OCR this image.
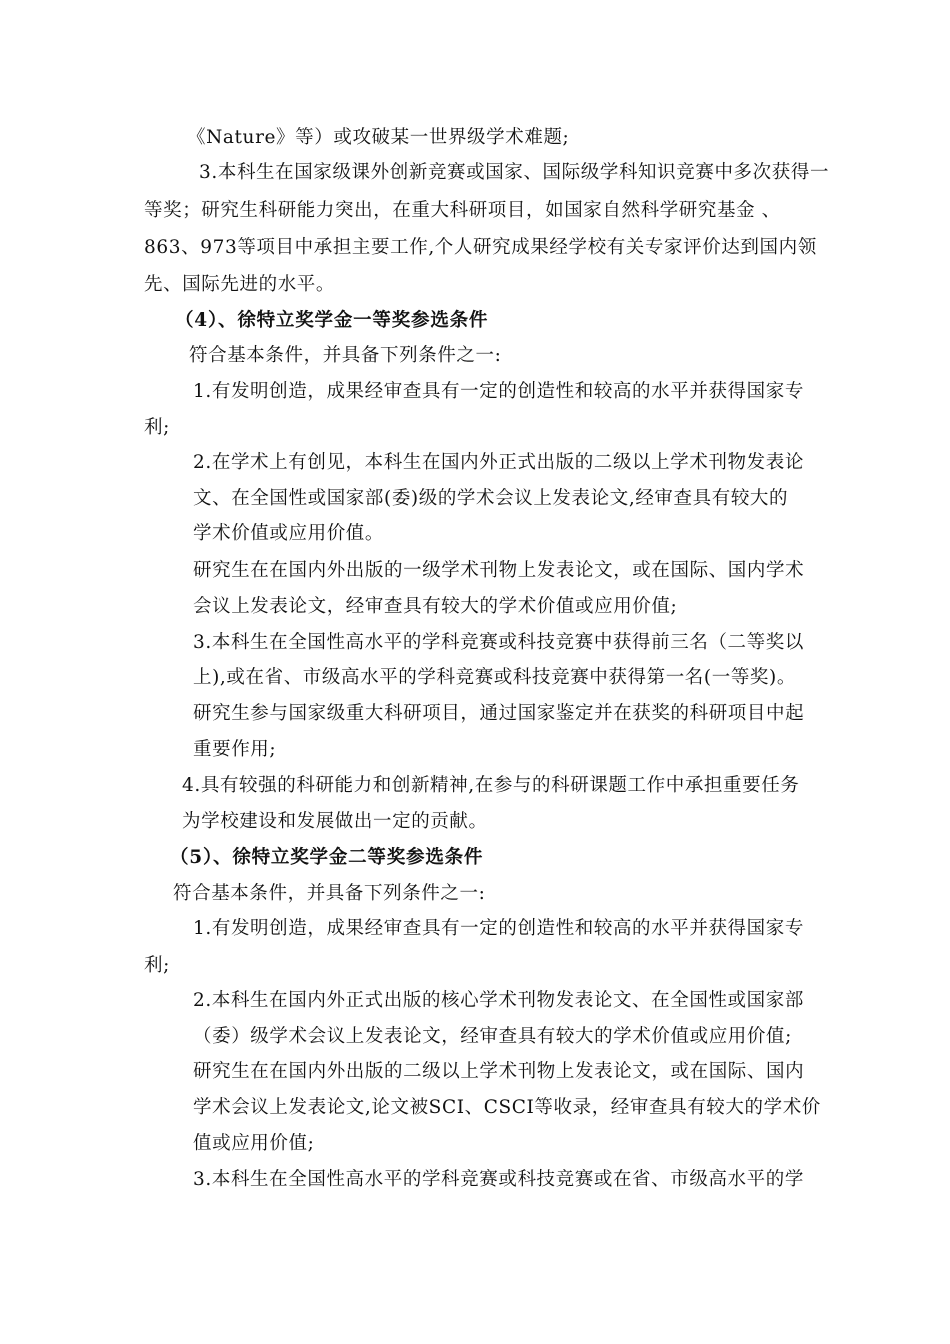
《Nature》等）或攻破某一世界级学术难题;
3.本科生在国家级课外创新竞赛或国家、国际级学科知识竞赛中多次获得一
等奖；研究生科研能力突出，在重大科研项目，如国家自然科学研究基金 、
863、973等项目中承担主要工作,个人研究成果经学校有关专家评价达到国内领
先、国际先进的水平。
（4）、徐特立奖学金一等奖参选条件
符合基本条件，并具备下列条件之一:
1.有发明创造，成果经审查具有一定的创造性和较高的水平并获得国家专
利;
2.在学术上有创见，本科生在国内外正式出版的二级以上学术刊物发表论
文、在全国性或国家部(委)级的学术会议上发表论文,经审查具有较大的
学术价值或应用价值。
研究生在在国内外出版的一级学术刊物上发表论文，或在国际、国内学术
会议上发表论文，经审查具有较大的学术价值或应用价值;
3.本科生在全国性高水平的学科竞赛或科技竞赛中获得前三名（二等奖以
上),或在省、市级高水平的学科竞赛或科技竞赛中获得第一名(一等奖)。
研究生参与国家级重大科研项目，通过国家鉴定并在获奖的科研项目中起
重要作用;
4.具有较强的科研能力和创新精神,在参与的科研课题工作中承担重要任务
为学校建设和发展做出一定的贡献。
（5）、徐特立奖学金二等奖参选条件
符合基本条件，并具备下列条件之一:
1.有发明创造，成果经审查具有一定的创造性和较高的水平并获得国家专
利;
2.本科生在国内外正式出版的核心学术刊物发表论文、在全国性或国家部
（委）级学术会议上发表论文，经审查具有较大的学术价值或应用价值;
研究生在在国内外出版的二级以上学术刊物上发表论文，或在国际、国内
学术会议上发表论文,论文被SCI、CSCI等收录，经审查具有较大的学术价
值或应用价值;
3.本科生在全国性高水平的学科竞赛或科技竞赛或在省、市级高水平的学
